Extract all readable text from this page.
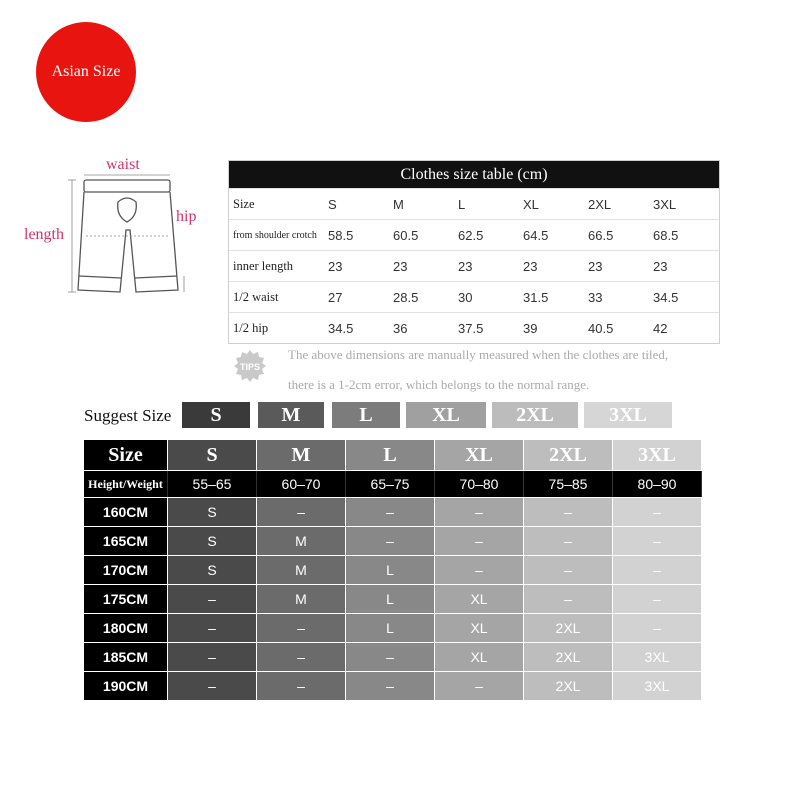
Asian Size
waist
hip
length
Clothes size table (cm)
Size	S	M	L	XL	2XL	3XL
from shoulder crotch 58.5	60.5	62.5	64.5	66.5	68.5
inner length	23	23	23	23	23	23
1/2 waist	27	28.5	30	31.5	33	34.5
1/2 hip	34.5	36	37.5	39	40.5	42
TIPS
The above dimensions are manually measured when the clothes are tiled,
there is a 1-2cm error, which belongs to the normal range.
Suggest Size S	M	L	XL	2XL	3XL
Size	S	M	L	XL	2XL	3XL
Height/Weight	55–65	60–70	65–75	70–80	75–85	80–90
160CM	S	–	–	–	–	–
165CM	S	M	–	–	–	–
170CM	S	M	L	–	–	–
175CM	–	M	L	XL	–	–
180CM	–	–	L	XL	2XL	–
185CM	–	–	–	XL	2XL	3XL
190CM	–	–	–	–	2XL	3XL
